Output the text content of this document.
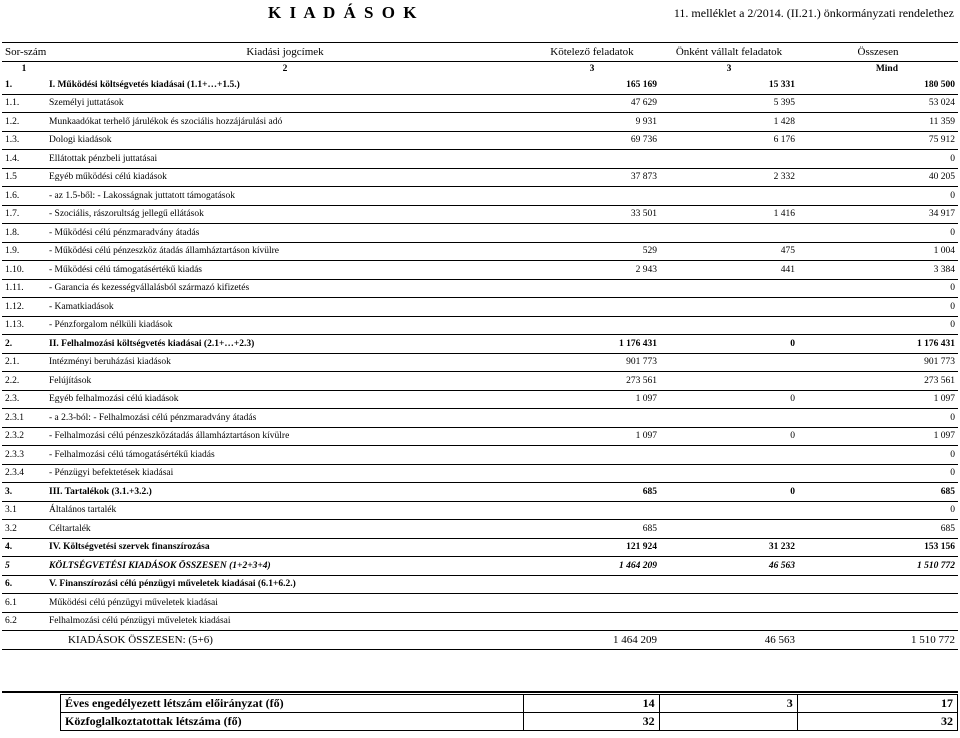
K I A D Á S O K	11. melléklet a 2/2014. (II.21.) önkormányzati rendelethez
Sor-szám	Kiadási jogcímek	Kötelező feladatok	Önként vállalt feladatok	Összesen
1	2	3	3	Mind
1.	I. Működési költségvetés kiadásai (1.1+…+1.5.)	165 169	15 331	180 500
1.1.	Személyi juttatások	47 629	5 395	53 024
1.2.	Munkaadókat terhelő járulékok és szociális hozzájárulási adó	9 931	1 428	11 359
1.3.	Dologi kiadások	69 736	6 176	75 912
1.4.	Ellátottak pénzbeli juttatásai			0
1.5	Egyéb működési célú kiadások	37 873	2 332	40 205
1.6.	- az 1.5-ből: - Lakosságnak juttatott támogatások			0
1.7.	- Szociális, rászorultság jellegű ellátások	33 501	1 416	34 917
1.8.	- Működési célú pénzmaradvány átadás			0
1.9.	- Működési célú pénzeszköz átadás államháztartáson kívülre	529	475	1 004
1.10.	- Működési célú támogatásértékű kiadás	2 943	441	3 384
1.11.	- Garancia és kezességvállalásból származó kifizetés			0
1.12.	- Kamatkiadások			0
1.13.	- Pénzforgalom nélküli kiadások			0
2.	II. Felhalmozási költségvetés kiadásai (2.1+…+2.3)	1 176 431	0	1 176 431
2.1.	Intézményi beruházási kiadások	901 773		901 773
2.2.	Felújítások	273 561		273 561
2.3.	Egyéb felhalmozási célú kiadások	1 097	0	1 097
2.3.1	- a 2.3-ból: - Felhalmozási célú pénzmaradvány átadás			0
2.3.2	- Felhalmozási célú pénzeszközátadás államháztartáson kívülre	1 097	0	1 097
2.3.3	- Felhalmozási célú támogatásértékű kiadás			0
2.3.4	- Pénzügyi befektetések kiadásai			0
3.	III. Tartalékok (3.1.+3.2.)	685	0	685
3.1	Általános tartalék			0
3.2	Céltartalék	685		685
4.	IV. Költségvetési szervek finanszírozása	121 924	31 232	153 156
5	KÖLTSÉGVETÉSI KIADÁSOK ÖSSZESEN (1+2+3+4)	1 464 209	46 563	1 510 772
6.	V. Finanszírozási célú pénzügyi műveletek kiadásai (6.1+6.2.)			
6.1	Működési célú pénzügyi műveletek kiadásai			
6.2	Felhalmozási célú pénzügyi műveletek kiadásai			
	KIADÁSOK ÖSSZESEN: (5+6)	1 464 209	46 563	1 510 772
Éves engedélyezett létszám előirányzat (fő)	14	3	17
Közfoglalkoztatottak létszáma (fő)	32		32
